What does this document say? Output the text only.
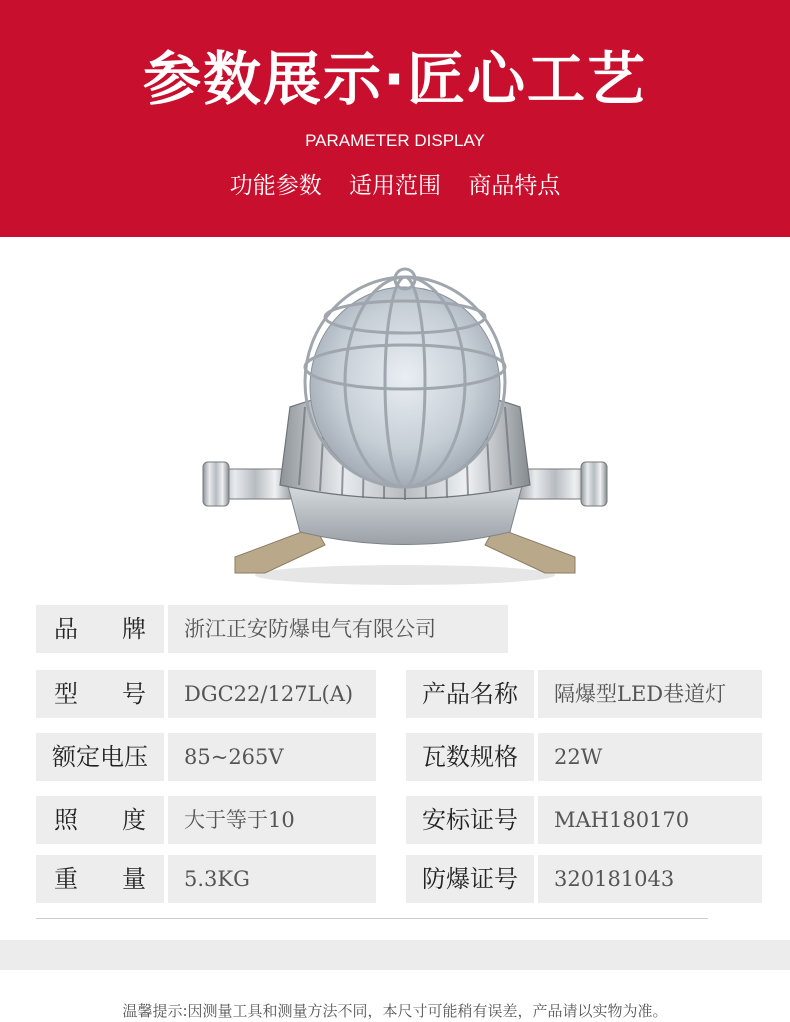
参数展示·匠心工艺
PARAMETER DISPLAY
功能参数 适用范围 商品特点
品　牌	浙江正安防爆电气有限公司
型　号	DGC22/127L(A)	产品名称	隔爆型LED巷道灯
额定电压	85~265V	瓦数规格	22W
照　度	大于等于10	安标证号	MAH180170
重　量	5.3KG	防爆证号	320181043
温馨提示:因测量工具和测量方法不同，本尺寸可能稍有误差，产品请以实物为准。
